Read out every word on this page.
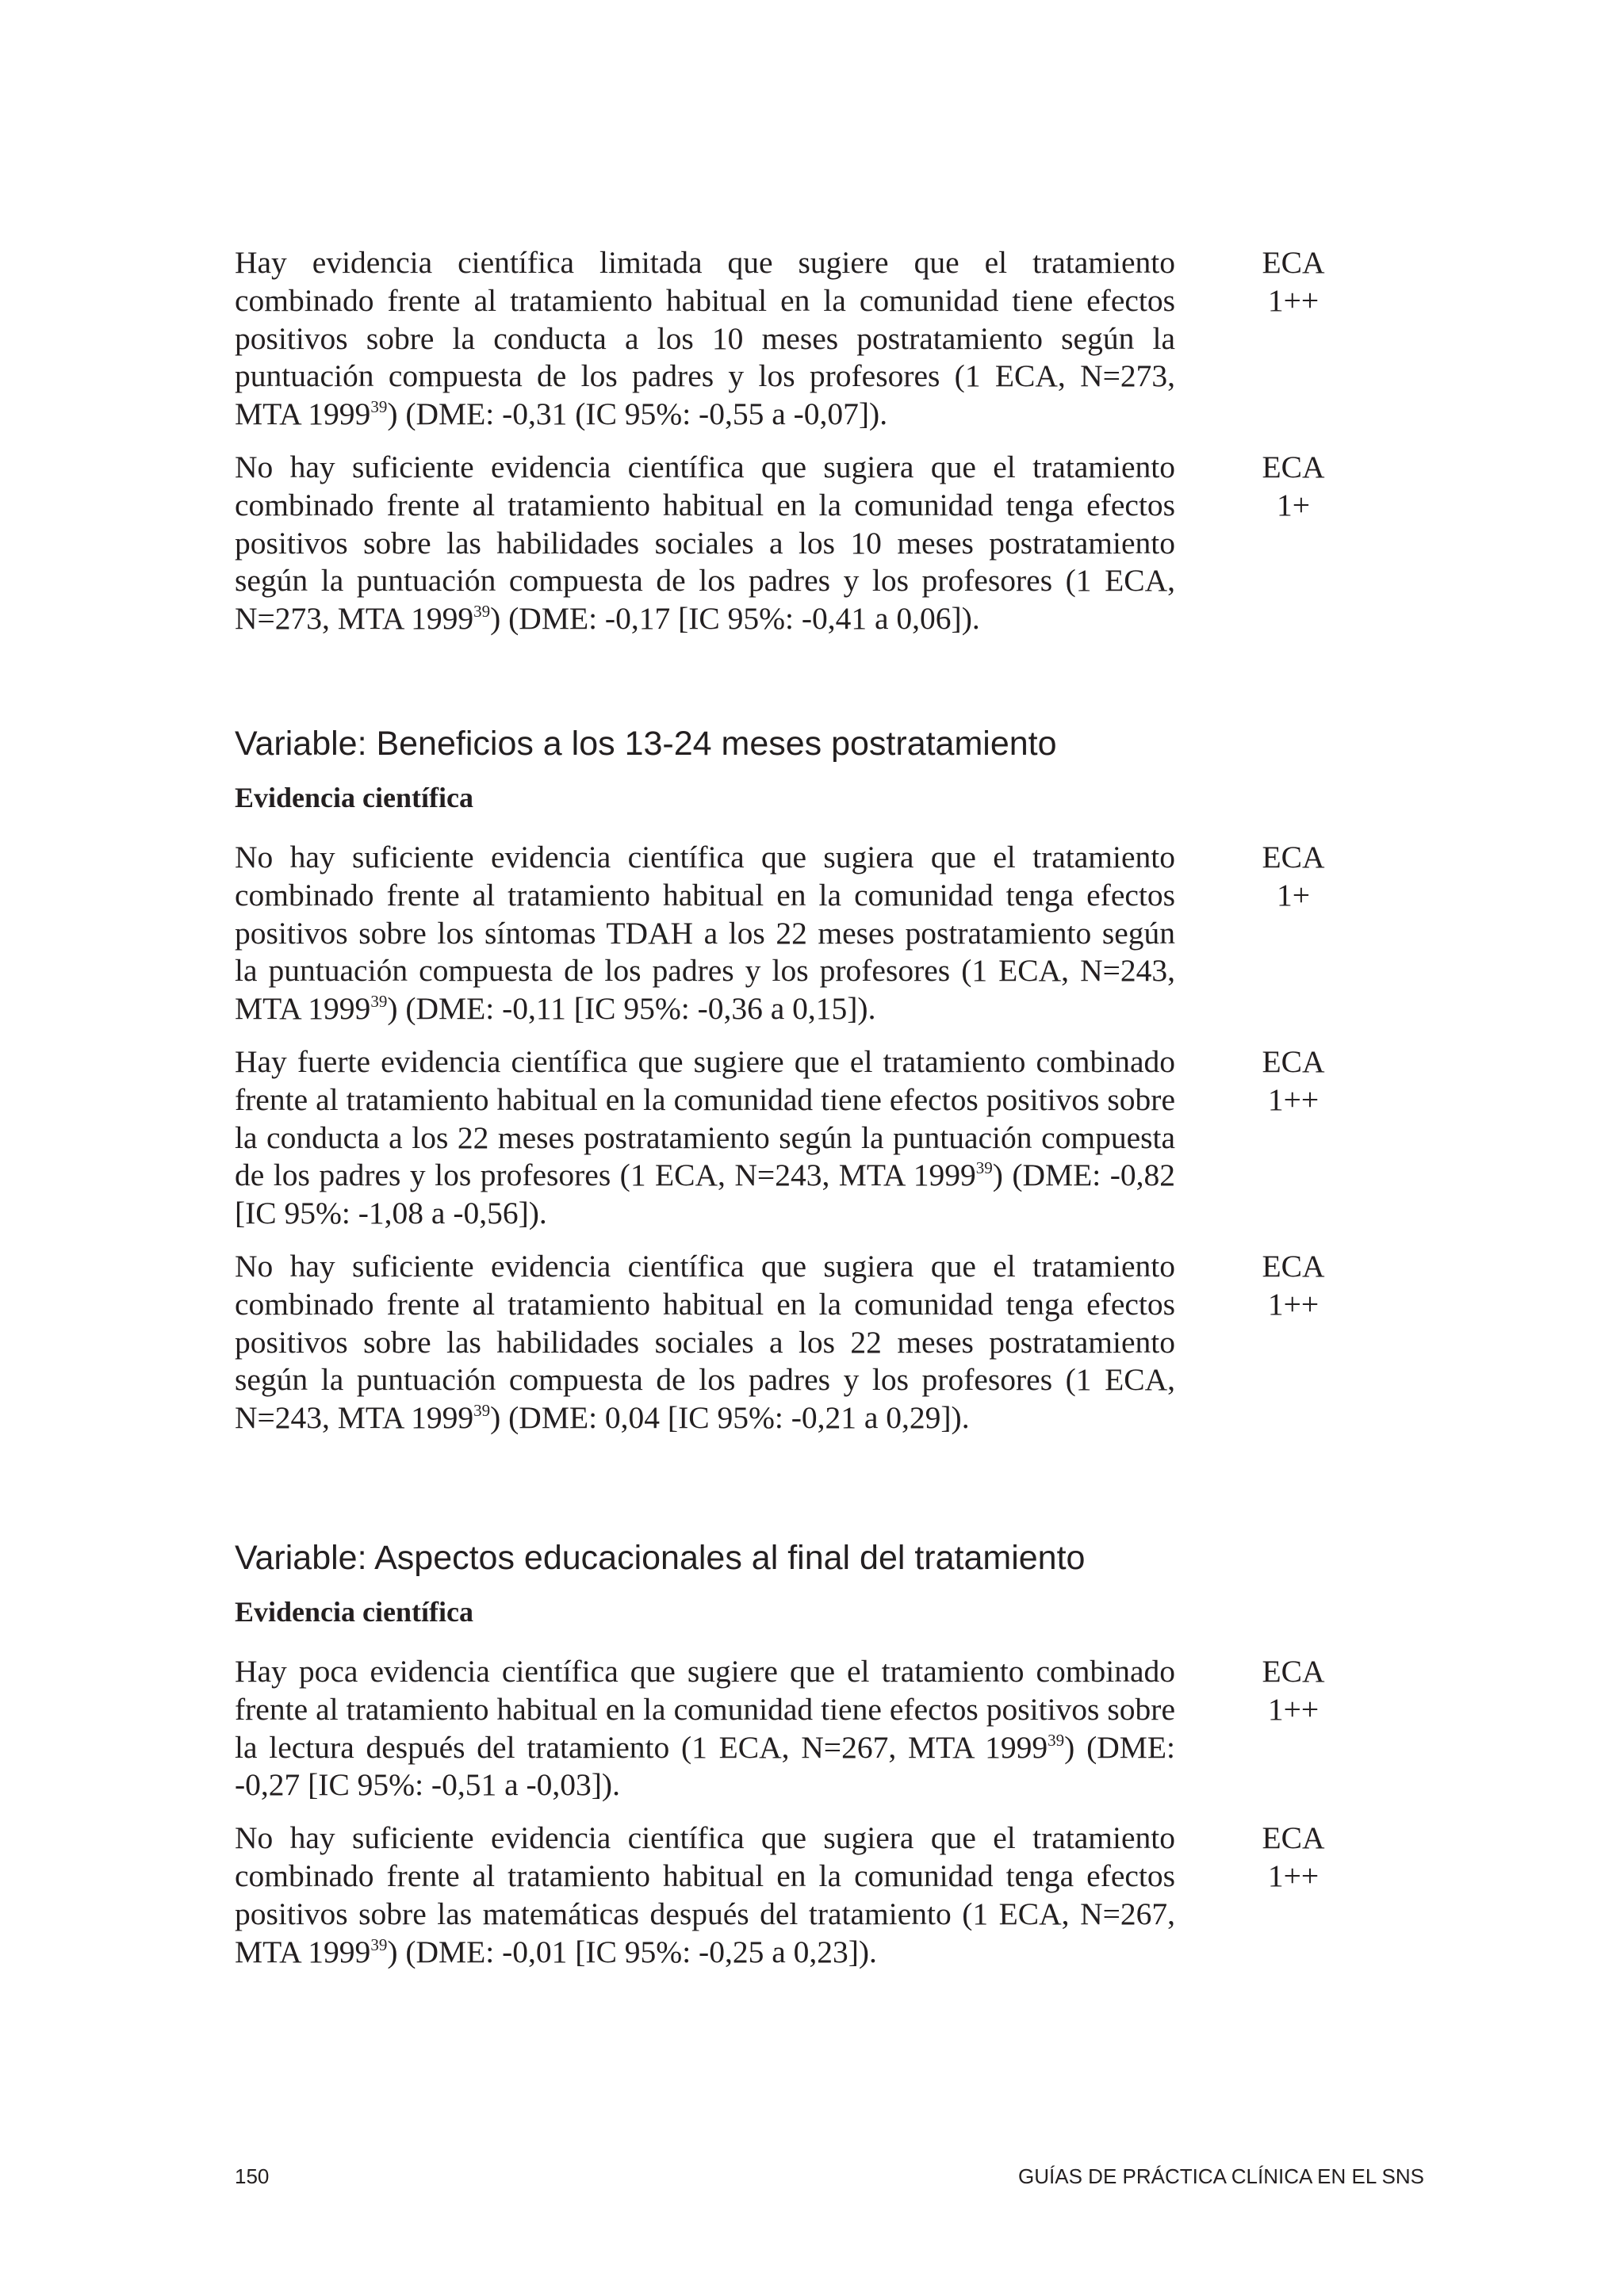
Hay evidencia científica limitada que sugiere que el tratamiento combinado frente al tratamiento habitual en la comunidad tiene efectos positivos sobre la conducta a los 10 meses postratamiento según la puntuación compuesta de los padres y los profesores (1 ECA, N=273, MTA 1999$^{39}$) (DME: -0,31 (IC 95%: -0,55 a -0,07]).

ECA
1++

No hay suficiente evidencia científica que sugiera que el tratamiento combinado frente al tratamiento habitual en la comunidad tenga efectos positivos sobre las habilidades sociales a los 10 meses postratamiento según la puntuación compuesta de los padres y los profesores (1 ECA, N=273, MTA 1999$^{39}$) (DME: -0,17 [IC 95%: -0,41 a 0,06]).

ECA
1+
Variable: Beneficios a los 13-24 meses postratamiento
Evidencia científica

No hay suficiente evidencia científica que sugiera que el tratamiento combinado frente al tratamiento habitual en la comunidad tenga efectos positivos sobre los síntomas TDAH a los 22 meses postratamiento según la puntuación compuesta de los padres y los profesores (1 ECA, N=243, MTA 1999$^{39}$) (DME: -0,11 [IC 95%: -0,36 a 0,15]).

ECA
1+

Hay fuerte evidencia científica que sugiere que el tratamiento combinado frente al tratamiento habitual en la comunidad tiene efectos positivos sobre la conducta a los 22 meses postratamiento según la puntuación compuesta de los padres y los profesores (1 ECA, N=243, MTA 1999$^{39}$) (DME: -0,82 [IC 95%: -1,08 a -0,56]).

ECA
1++

No hay suficiente evidencia científica que sugiera que el tratamiento combinado frente al tratamiento habitual en la comunidad tenga efectos positivos sobre las habilidades sociales a los 22 meses postratamiento según la puntuación compuesta de los padres y los profesores (1 ECA, N=243, MTA 1999$^{39}$) (DME: 0,04 [IC 95%: -0,21 a 0,29]).

ECA
1++
Variable: Aspectos educacionales al final del tratamiento
Evidencia científica

Hay poca evidencia científica que sugiere que el tratamiento combinado frente al tratamiento habitual en la comunidad tiene efectos positivos sobre la lectura después del tratamiento (1 ECA, N=267, MTA 1999$^{39}$) (DME: -0,27 [IC 95%: -0,51 a -0,03]).

ECA
1++

No hay suficiente evidencia científica que sugiera que el tratamiento combinado frente al tratamiento habitual en la comunidad tenga efectos positivos sobre las matemáticas después del tratamiento (1 ECA, N=267, MTA 1999$^{39}$) (DME: -0,01 [IC 95%: -0,25 a 0,23]).

ECA
1++
150	GUÍAS DE PRÁCTICA CLÍNICA EN EL SNS
